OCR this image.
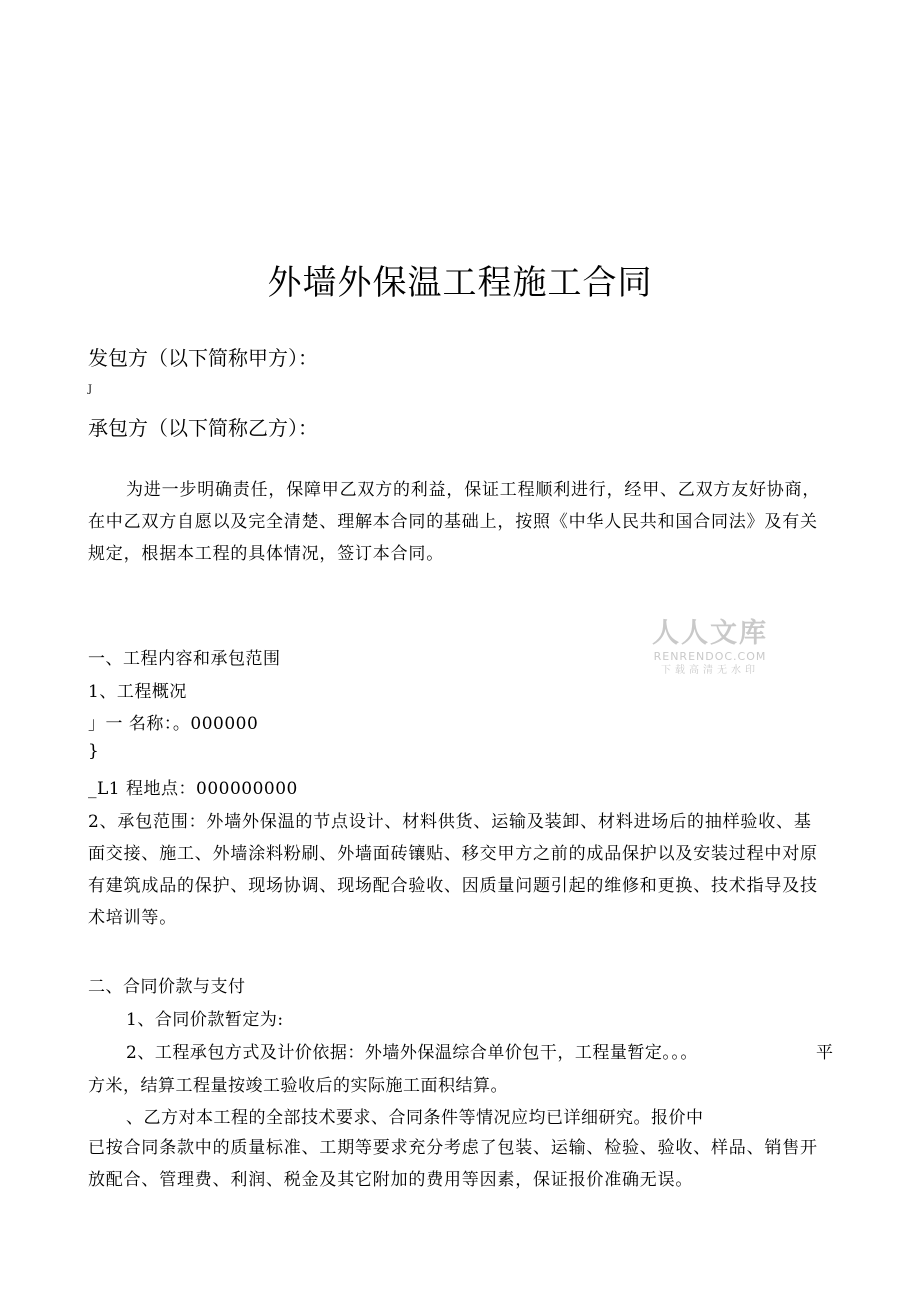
外墙外保温工程施工合同
发包方（以下简称甲方）：
J
承包方（以下简称乙方）：
为进一步明确责任，保障甲乙双方的利益，保证工程顺利进行，经甲、乙双方友好协商，在中乙双方自愿以及完全清楚、理解本合同的基础上，按照《中华人民共和国合同法》及有关规定，根据本工程的具体情况，签订本合同。
人人文库
RENRENDOC.COM
下载高清无水印
一、工程内容和承包范围
1、工程概况
」一 名称：。000000
}
_L1 程地点：000000000
2、承包范围：外墙外保温的节点设计、材料供货、运输及装卸、材料进场后的抽样验收、基面交接、施工、外墙涂料粉刷、外墙面砖镶贴、移交甲方之前的成品保护以及安装过程中对原有建筑成品的保护、现场协调、现场配合验收、因质量问题引起的维修和更换、技术指导及技术培训等。
二、合同价款与支付
1、合同价款暂定为:
2、工程承包方式及计价依据：外墙外保温综合单价包干，工程量暂定。。。	平
方米，结算工程量按竣工验收后的实际施工面积结算。
、乙方对本工程的全部技术要求、合同条件等情况应均已详细研究。报价中
已按合同条款中的质量标准、工期等要求充分考虑了包装、运输、检验、验收、样品、销售开放配合、管理费、利润、税金及其它附加的费用等因素，保证报价准确无误。
